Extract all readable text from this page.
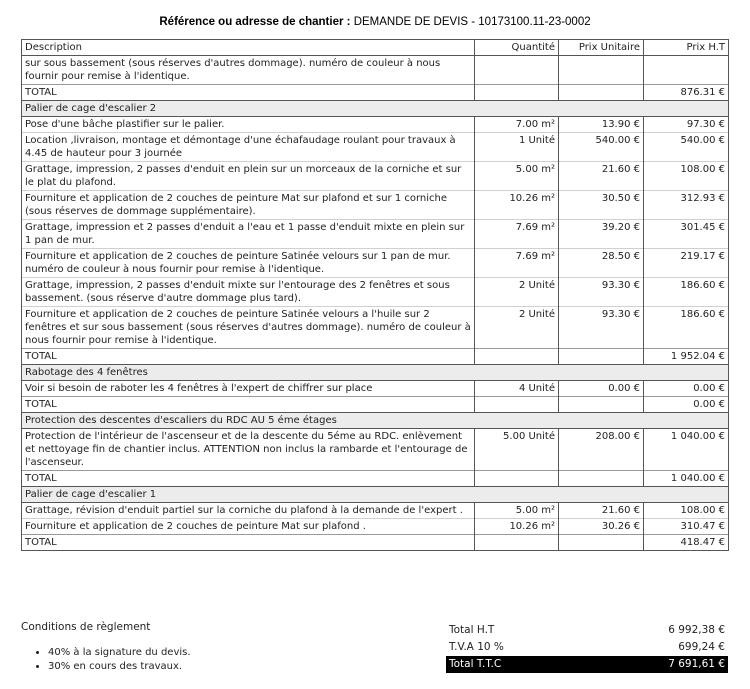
Référence ou adresse de chantier : DEMANDE DE DEVIS - 10173100.11-23-0002
Description	Quantité	Prix Unitaire	Prix H.T
sur sous bassement (sous réserves d'autres dommage). numéro de couleur à nous fournir pour remise à l'identique.			
TOTAL			876.31 €
Palier de cage d'escalier 2			
Pose d'une bâche plastifier sur le palier.	7.00 m²	13.90 €	97.30 €
Location ,livraison, montage et démontage d'une échafaudage roulant pour travaux à 4.45 de hauteur pour 3 journée	1 Unité	540.00 €	540.00 €
Grattage, impression, 2 passes d'enduit en plein sur un morceaux de la corniche et sur le plat du plafond.	5.00 m²	21.60 €	108.00 €
Fourniture et application de 2 couches de peinture Mat sur plafond et sur 1 corniche (sous réserves de dommage supplémentaire).	10.26 m²	30.50 €	312.93 €
Grattage, impression et 2 passes d'enduit a l'eau et 1 passe d'enduit mixte en plein sur 1 pan de mur.	7.69 m²	39.20 €	301.45 €
Fourniture et application de 2 couches de peinture Satinée velours sur 1 pan de mur. numéro de couleur à nous fournir pour remise à l'identique.	7.69 m²	28.50 €	219.17 €
Grattage, impression, 2 passes d'enduit mixte sur l'entourage des 2 fenêtres et sous bassement. (sous réserve d'autre dommage plus tard).	2 Unité	93.30 €	186.60 €
Fourniture et application de 2 couches de peinture Satinée velours a l'huile sur 2 fenêtres et sur sous bassement (sous réserves d'autres dommage). numéro de couleur à nous fournir pour remise à l'identique.	2 Unité	93.30 €	186.60 €
TOTAL			1 952.04 €
Rabotage des 4 fenêtres			
Voir si besoin de raboter les 4 fenêtres à l'expert de chiffrer sur place	4 Unité	0.00 €	0.00 €
TOTAL			0.00 €
Protection des descentes d'escaliers du RDC AU 5 éme étages			
Protection de l'intérieur de l'ascenseur et de la descente du 5éme au RDC. enlèvement et nettoyage fin de chantier inclus. ATTENTION non inclus la rambarde et l'entourage de l'ascenseur.	5.00 Unité	208.00 €	1 040.00 €
TOTAL			1 040.00 €
Palier de cage d'escalier 1			
Grattage, révision d'enduit partiel sur la corniche du plafond à la demande de l'expert .	5.00 m²	21.60 €	108.00 €
Fourniture et application de 2 couches de peinture Mat sur plafond .	10.26 m²	30.26 €	310.47 €
TOTAL			418.47 €
Conditions de règlement
• 40% à la signature du devis.
• 30% en cours des travaux.
Total H.T	6 992,38 €
T.V.A 10 %	699,24 €
Total T.T.C	7 691,61 €
